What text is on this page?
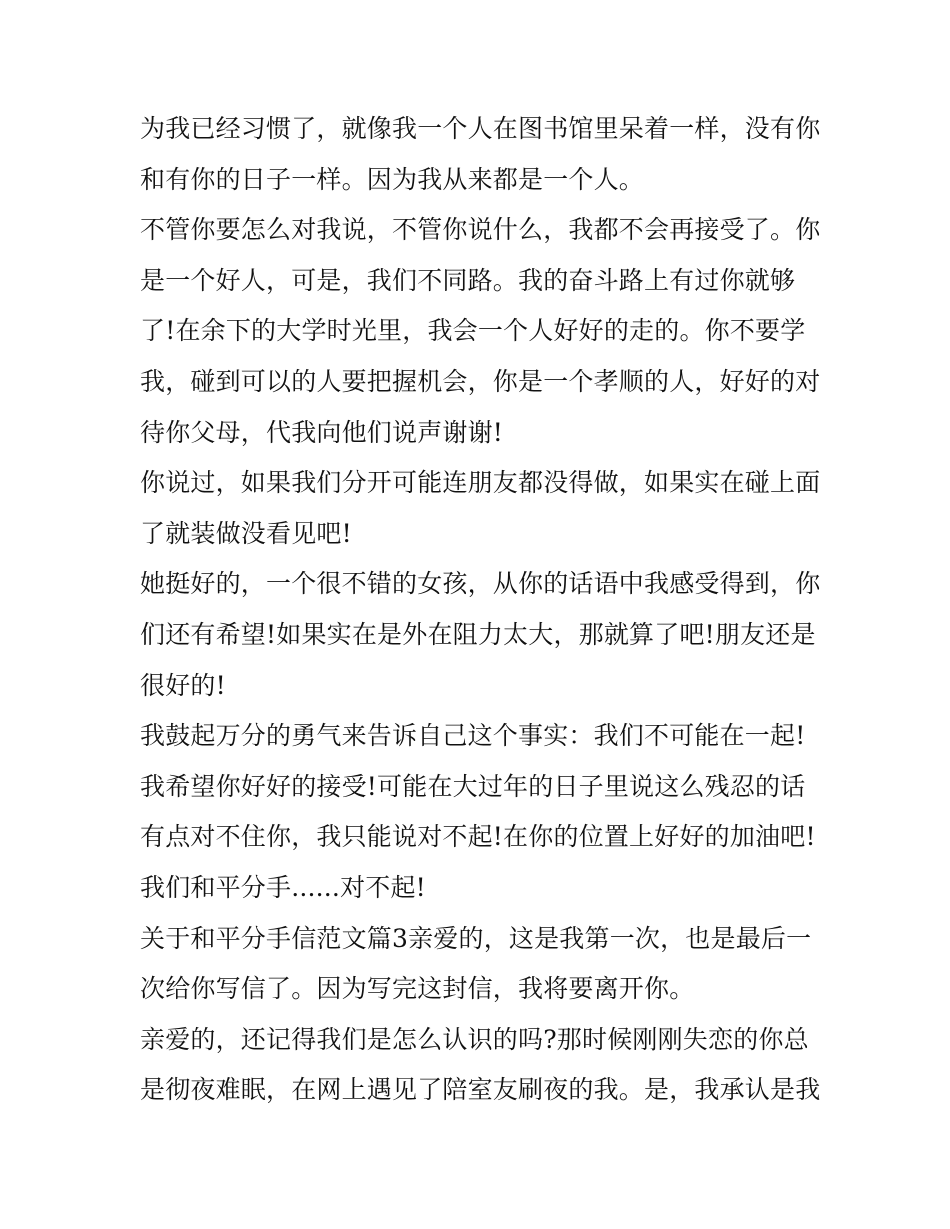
为我已经习惯了，就像我一个人在图书馆里呆着一样，没有你
和有你的日子一样。因为我从来都是一个人。
不管你要怎么对我说，不管你说什么，我都不会再接受了。你
是一个好人，可是，我们不同路。我的奋斗路上有过你就够
了!在余下的大学时光里，我会一个人好好的走的。你不要学
我，碰到可以的人要把握机会，你是一个孝顺的人，好好的对
待你父母，代我向他们说声谢谢!
你说过，如果我们分开可能连朋友都没得做，如果实在碰上面
了就装做没看见吧!
她挺好的，一个很不错的女孩，从你的话语中我感受得到，你
们还有希望!如果实在是外在阻力太大，那就算了吧!朋友还是
很好的!
我鼓起万分的勇气来告诉自己这个事实：我们不可能在一起!
我希望你好好的接受!可能在大过年的日子里说这么残忍的话
有点对不住你，我只能说对不起!在你的位置上好好的加油吧!
我们和平分手......对不起!
关于和平分手信范文篇3亲爱的，这是我第一次，也是最后一
次给你写信了。因为写完这封信，我将要离开你。
亲爱的，还记得我们是怎么认识的吗?那时候刚刚失恋的你总
是彻夜难眠，在网上遇见了陪室友刷夜的我。是，我承认是我
